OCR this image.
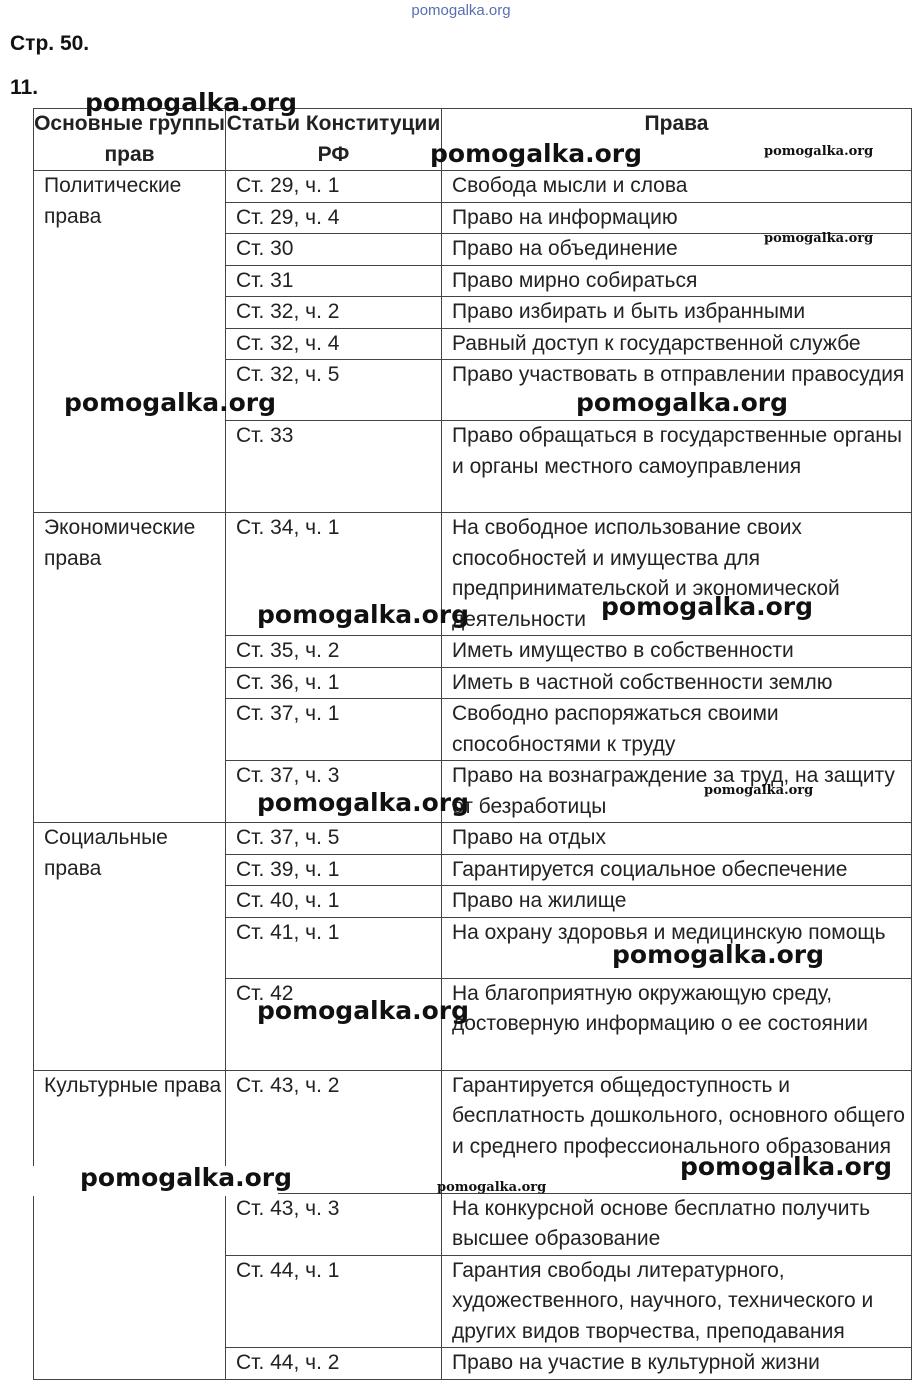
pomogalka.org
Стр. 50.
11.
Основные группы прав	Статьи Конституции РФ	Права

Политические права	Ст. 29, ч. 1	Свобода мысли и слова
	Ст. 29, ч. 4	Право на информацию
	Ст. 30	Право на объединение
	Ст. 31	Право мирно собираться
	Ст. 32, ч. 2	Право избирать и быть избранными
	Ст. 32, ч. 4	Равный доступ к государственной службе
	Ст. 32, ч. 5	Право участвовать в отправлении правосудия
	Ст. 33	Право обращаться в государственные органы и органы местного самоуправления

Экономические права	Ст. 34, ч. 1	На свободное использование своих способностей и имущества для предпринимательской и экономической деятельности
	Ст. 35, ч. 2	Иметь имущество в собственности
	Ст. 36, ч. 1	Иметь в частной собственности землю
	Ст. 37, ч. 1	Свободно распоряжаться своими способностями к труду
	Ст. 37, ч. 3	Право на вознаграждение за труд, на защиту от безработицы

Социальные права	Ст. 37, ч. 5	Право на отдых
	Ст. 39, ч. 1	Гарантируется социальное обеспечение
	Ст. 40, ч. 1	Право на жилище
	Ст. 41, ч. 1	На охрану здоровья и медицинскую помощь
	Ст. 42	На благоприятную окружающую среду, достоверную информацию о ее состоянии

Культурные права	Ст. 43, ч. 2	Гарантируется общедоступность и бесплатность дошкольного, основного общего и среднего профессионального образования
	Ст. 43, ч. 3	На конкурсной основе бесплатно получить высшее образование
	Ст. 44, ч. 1	Гарантия свободы литературного, художественного, научного, технического и других видов творчества, преподавания
	Ст. 44, ч. 2	Право на участие в культурной жизни
pomogalka.org
pomogalka.org	pomogalka.org
pomogalka.org
pomogalka.org	pomogalka.org
pomogalka.org	pomogalka.org
pomogalka.org	pomogalka.org
pomogalka.org
pomogalka.org
pomogalka.org
pomogalka.org	pomogalka.org
